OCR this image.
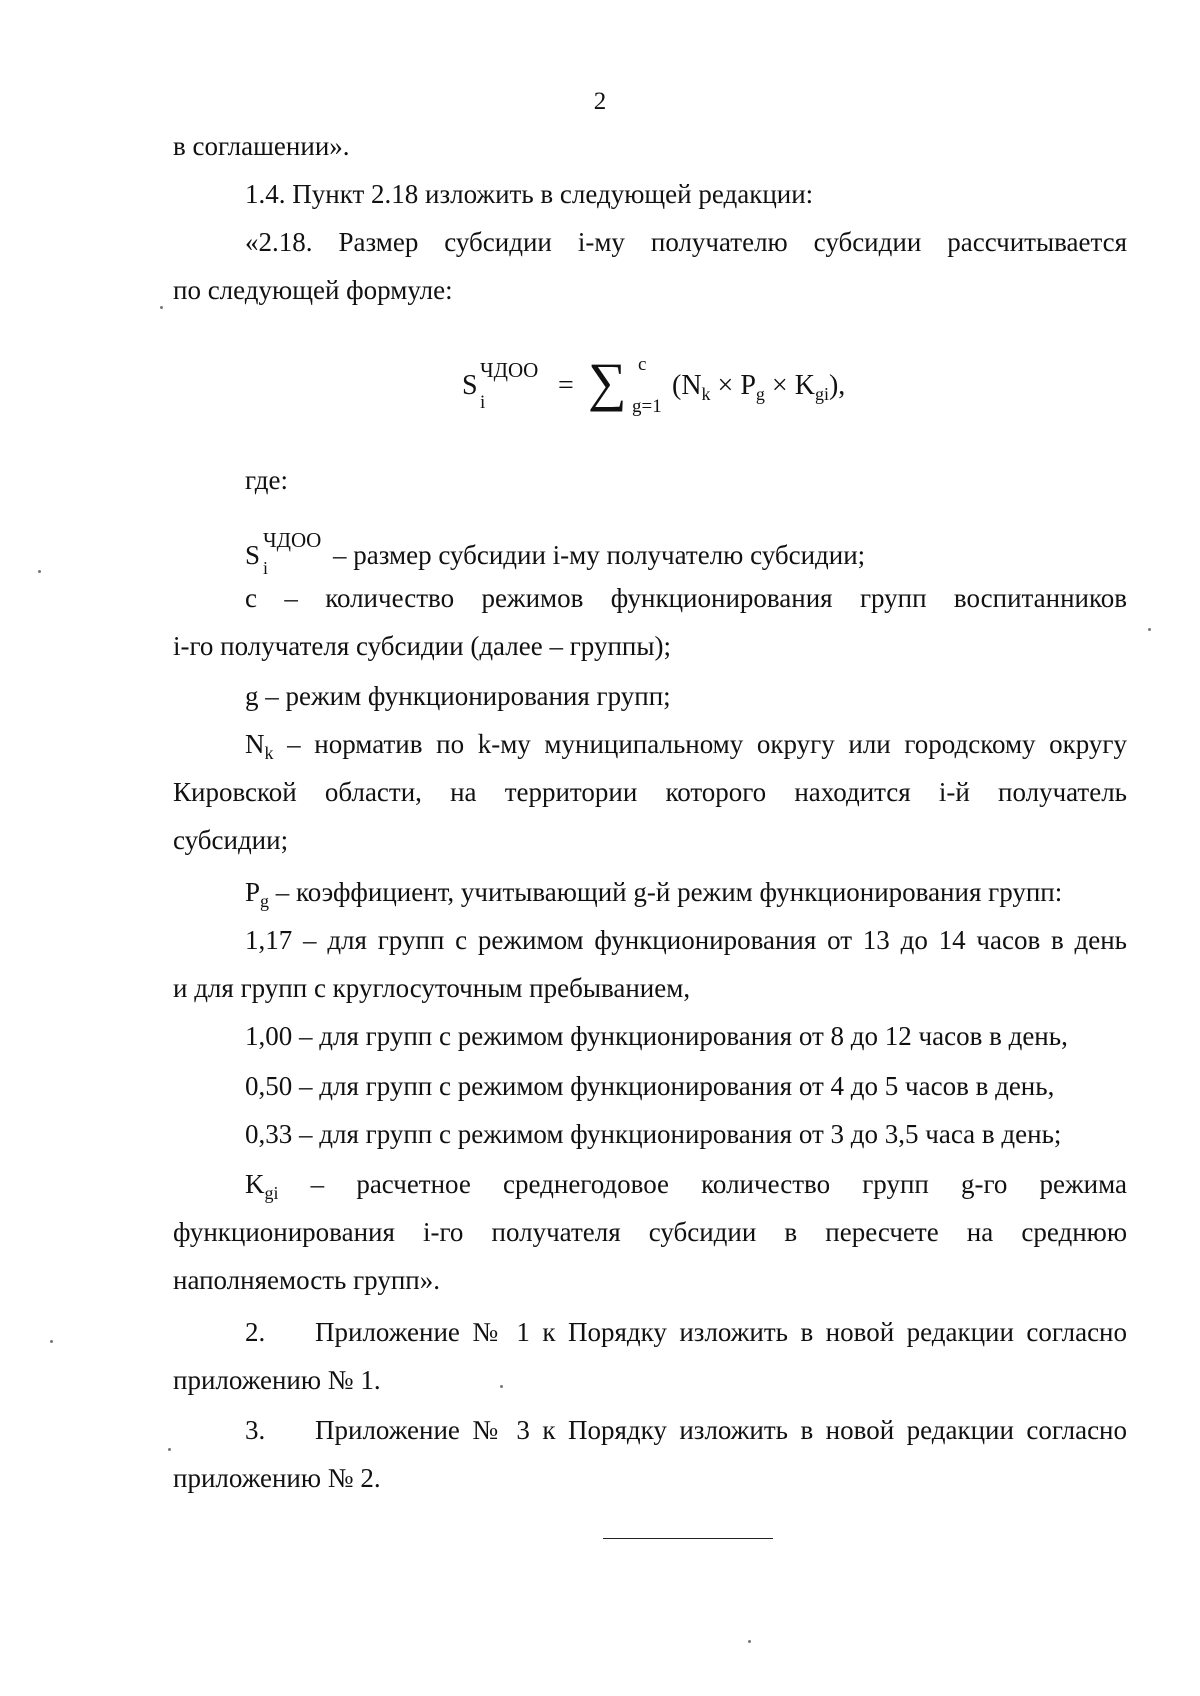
2
в соглашении».
1.4. Пункт 2.18 изложить в следующей редакции:
«2.18. Размер субсидии i-му получателю субсидии рассчитывается
по следующей формуле:
S ЧДОО
i
= ∑ c
g=1
$(N_k \times P_g \times K_{gi})$,
где:
S ЧДОО
i – размер субсидии i-му получателю субсидии;
c – количество режимов функционирования групп воспитанников
i-го получателя субсидии (далее – группы);
g – режим функционирования групп;
$N_k$ – норматив по k-му муниципальному округу или городскому округу
Кировской области, на территории которого находится i-й получатель
субсидии;
$P_g$ – коэффициент, учитывающий g-й режим функционирования групп:
1,17 – для групп с режимом функционирования от 13 до 14 часов в день
и для групп с круглосуточным пребыванием,
1,00 – для групп с режимом функционирования от 8 до 12 часов в день,
0,50 – для групп с режимом функционирования от 4 до 5 часов в день,
0,33 – для групп с режимом функционирования от 3 до 3,5 часа в день;
$K_{gi}$ – расчетное среднегодовое количество групп g-го режима
функционирования i-го получателя субсидии в пересчете на среднюю
наполняемость групп».
2. Приложение № 1 к Порядку изложить в новой редакции согласно
приложению № 1.
3. Приложение № 3 к Порядку изложить в новой редакции согласно
приложению № 2.
